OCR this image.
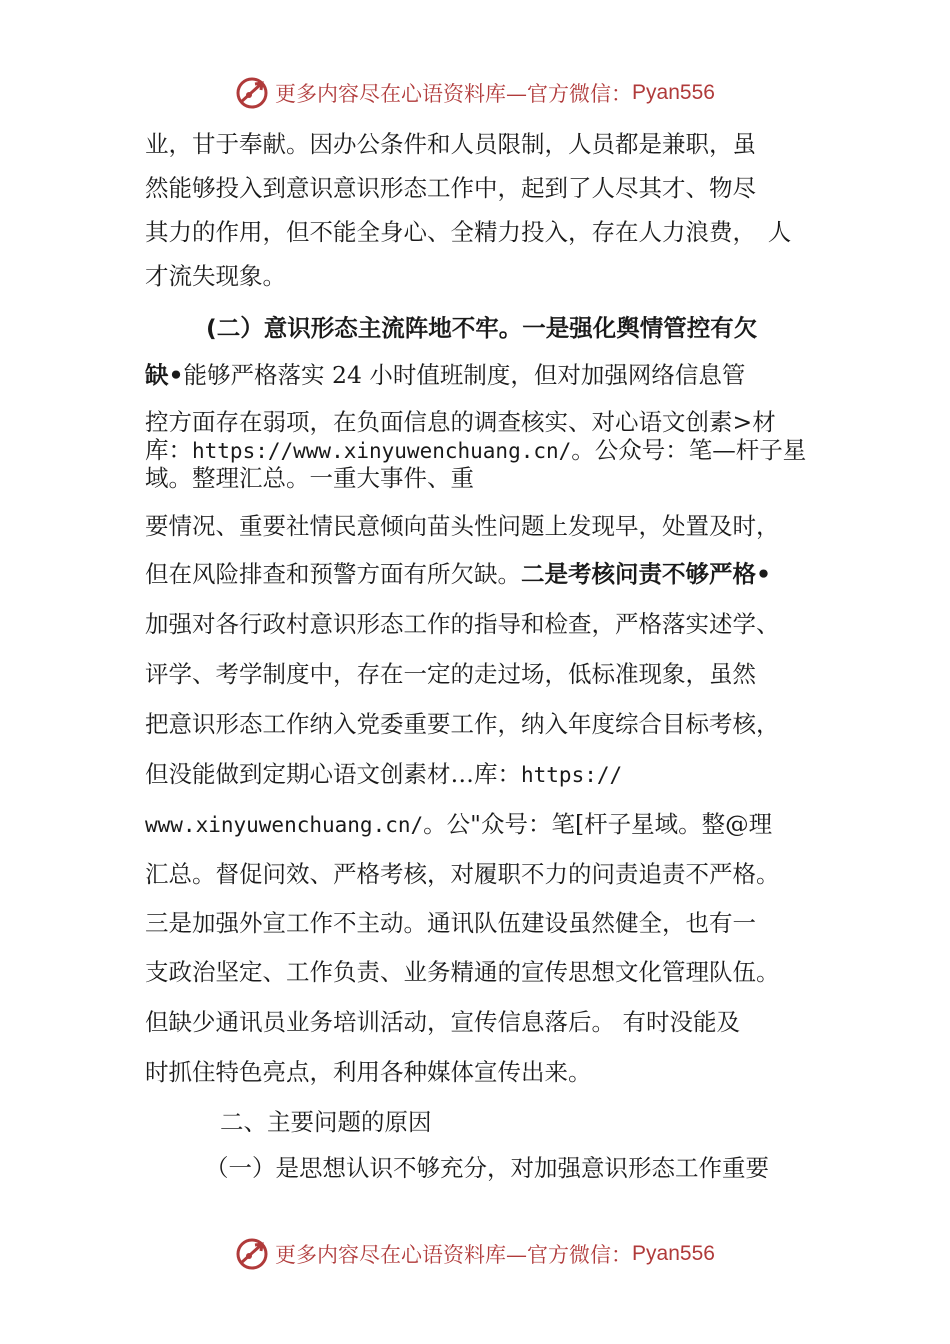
更多内容尽在心语资料库—官方微信： Pyan556
业，甘于奉献。因办公条件和人员限制，人员都是兼职，虽
然能够投入到意识意识形态工作中，起到了人尽其才、物尽
其力的作用，但不能全身心、全精力投入，存在人力浪费，　人
才流失现象。
(二）意识形态主流阵地不牢。一是强化舆情管控有欠
缺•能够严格落实 24 小时值班制度，但对加强网络信息管
控方面存在弱项，在负面信息的调查核实、对心语文创素>材
库：https://www.xinyuwenchuang.cn/。公众号：笔—杆子星
域。整理汇总。一重大事件、重
要情况、重要社情民意倾向苗头性问题上发现早，处置及时，
但在风险排查和预警方面有所欠缺。二是考核问责不够严格•
加强对各行政村意识形态工作的指导和检查，严格落实述学、
评学、考学制度中，存在一定的走过场，低标准现象，虽然
把意识形态工作纳入党委重要工作，纳入年度综合目标考核，
但没能做到定期心语文创素材…库：https://
www.xinyuwenchuang.cn/。公"众号：笔[杆子星域。整@理
汇总。督促问效、严格考核，对履职不力的问责追责不严格。
三是加强外宣工作不主动。通讯队伍建设虽然健全，也有一
支政治坚定、工作负责、业务精通的宣传思想文化管理队伍。
但缺少通讯员业务培训活动，宣传信息落后。 有时没能及
时抓住特色亮点，利用各种媒体宣传出来。
二、主要问题的原因
（一）是思想认识不够充分，对加强意识形态工作重要
更多内容尽在心语资料库—官方微信： Pyan556
